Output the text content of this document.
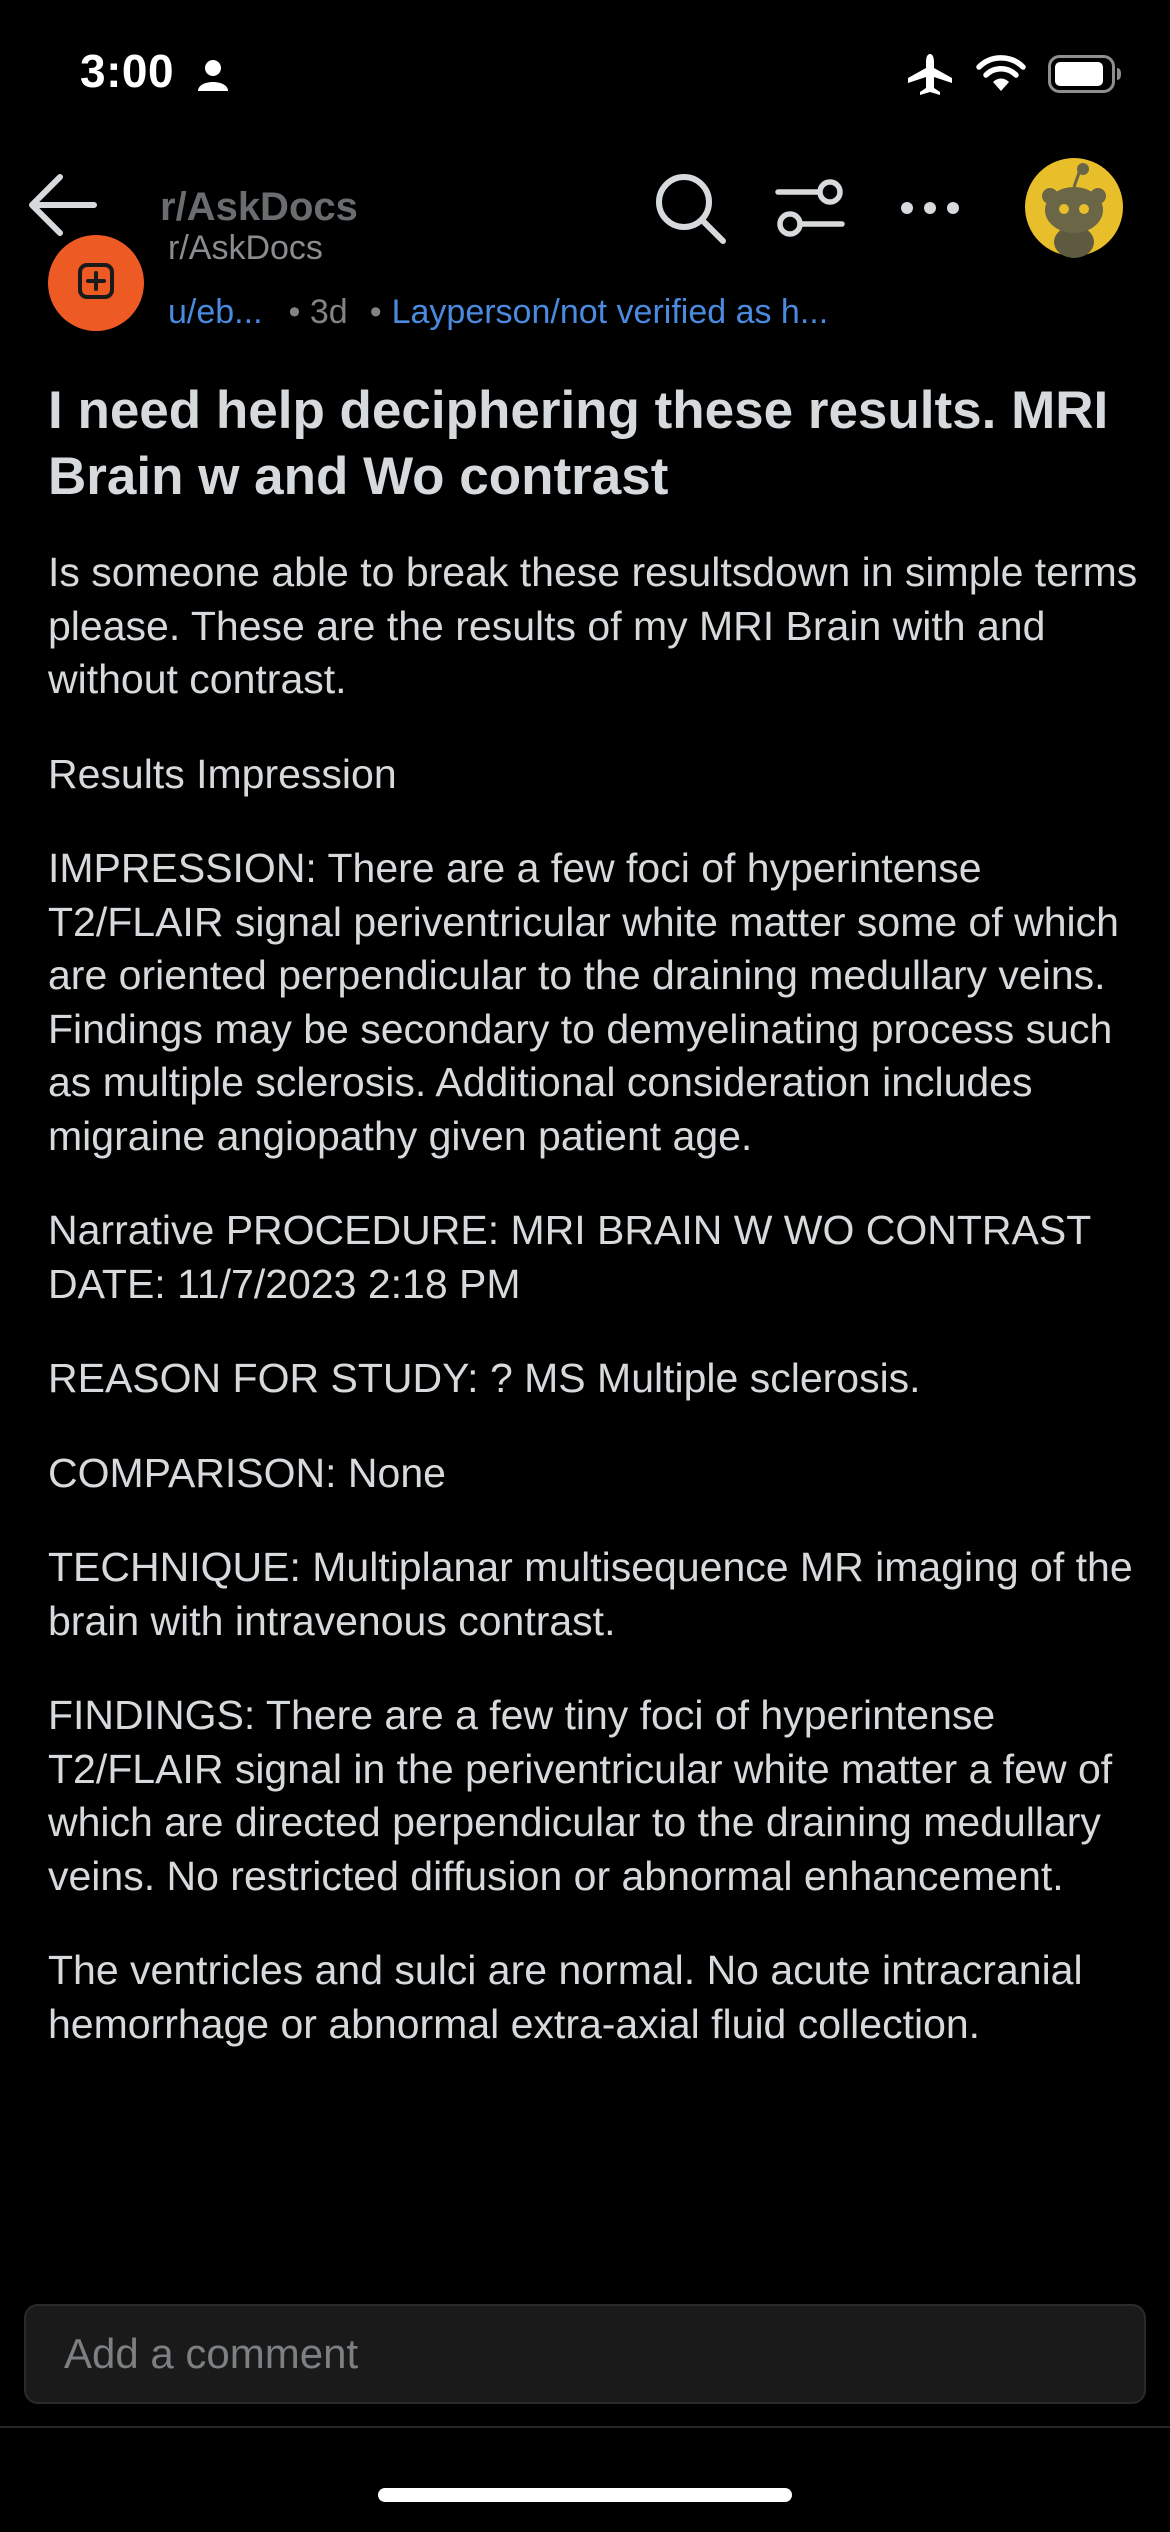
3:00
r/AskDocs
r/AskDocs
u/eb... • 3d • Layperson/not verified as h...
I need help deciphering these results. MRI Brain w and Wo contrast

Is someone able to break these resultsdown in simple terms please. These are the results of my MRI Brain with and without contrast.

Results Impression

IMPRESSION: There are a few foci of hyperintense T2/FLAIR signal periventricular white matter some of which are oriented perpendicular to the draining medullary veins. Findings may be secondary to demyelinating process such as multiple sclerosis. Additional consideration includes migraine angiopathy given patient age.

Narrative PROCEDURE: MRI BRAIN W WO CONTRAST DATE: 11/7/2023 2:18 PM

REASON FOR STUDY: ? MS Multiple sclerosis.

COMPARISON: None

TECHNIQUE: Multiplanar multisequence MR imaging of the brain with intravenous contrast.

FINDINGS: There are a few tiny foci of hyperintense T2/FLAIR signal in the periventricular white matter a few of which are directed perpendicular to the draining medullary veins. No restricted diffusion or abnormal enhancement.

The ventricles and sulci are normal. No acute intracranial hemorrhage or abnormal extra-axial fluid collection.

Add a comment
